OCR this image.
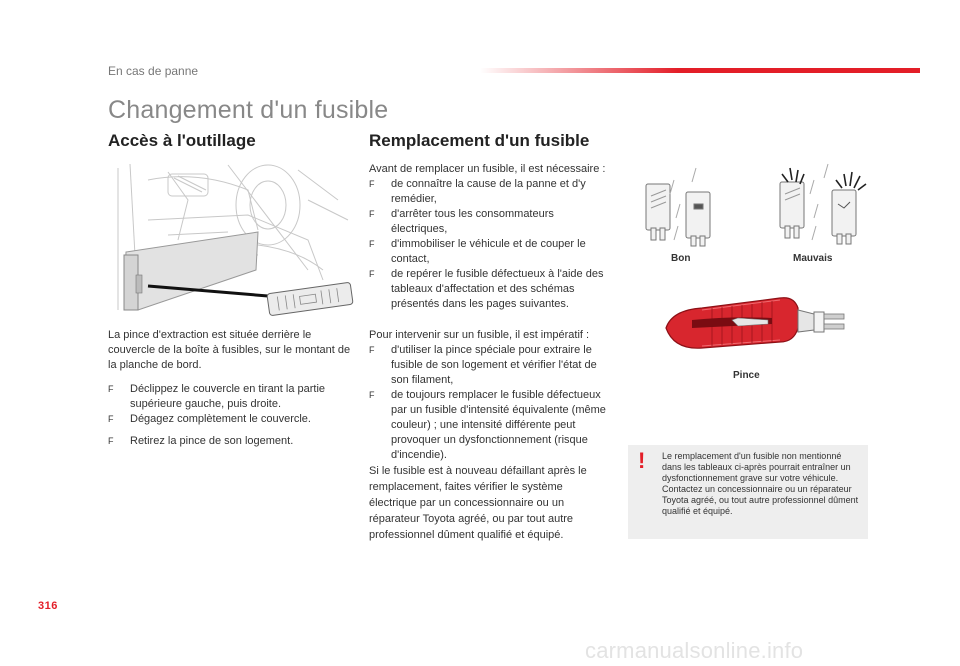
En cas de panne
Changement d'un fusible
Accès à l'outillage
La pince d'extraction est située derrière le couvercle de la boîte à fusibles, sur le montant de la planche de bord.
F Déclippez le couvercle en tirant la partie supérieure gauche, puis droite.
F Dégagez complètement le couvercle.
F Retirez la pince de son logement.
Remplacement d'un fusible
Avant de remplacer un fusible, il est nécessaire :
F de connaître la cause de la panne et d'y remédier,
F d'arrêter tous les consommateurs électriques,
F d'immobiliser le véhicule et de couper le contact,
F de repérer le fusible défectueux à l'aide des tableaux d'affectation et des schémas présentés dans les pages suivantes.
Pour intervenir sur un fusible, il est impératif :
F d'utiliser la pince spéciale pour extraire le fusible de son logement et vérifier l'état de son filament,
F de toujours remplacer le fusible défectueux par un fusible d'intensité équivalente (même couleur) ; une intensité différente peut provoquer un dysfonctionnement (risque d'incendie).
Si le fusible est à nouveau défaillant après le remplacement, faites vérifier le système électrique par un concessionnaire ou un réparateur Toyota agréé, ou par tout autre professionnel dûment qualifié et équipé.
Bon	Mauvais
Pince
! Le remplacement d'un fusible non mentionné dans les tableaux ci-après pourrait entraîner un dysfonctionnement grave sur votre véhicule. Contactez un concessionnaire ou un réparateur Toyota agréé, ou tout autre professionnel dûment qualifié et équipé.
316
carmanualsonline.info
